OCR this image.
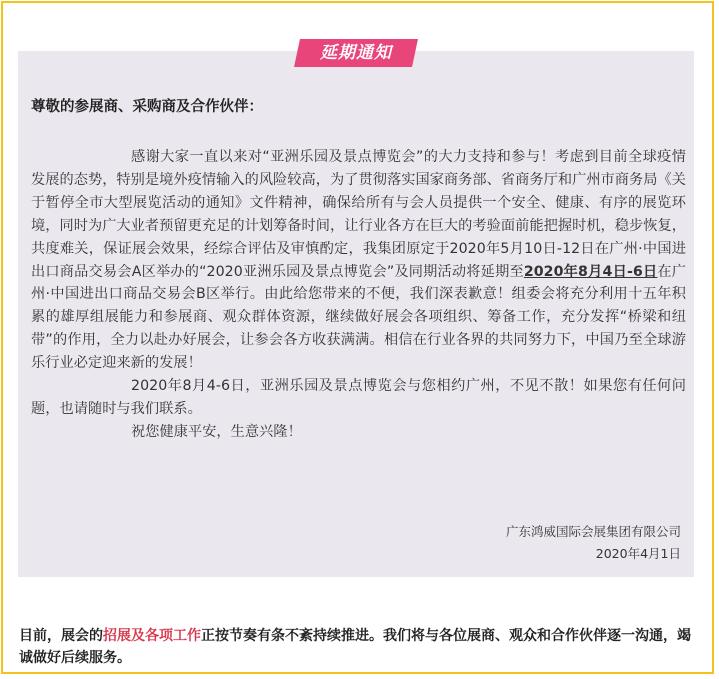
延期通知
尊敬的参展商、采购商及合作伙伴：

感谢大家一直以来对“亚洲乐园及景点博览会”的大力支持和参与！考虑到目前全球疫情发展的态势，特别是境外疫情输入的风险较高，为了贯彻落实国家商务部、省商务厅和广州市商务局《关于暂停全市大型展览活动的通知》文件精神，确保给所有与会人员提供一个安全、健康、有序的展览环境，同时为广大业者预留更充足的计划筹备时间，让行业各方在巨大的考验面前能把握时机，稳步恢复，共度难关，保证展会效果，经综合评估及审慎酌定，我集团原定于2020年5月10日-12日在广州·中国进出口商品交易会A区举办的“2020亚洲乐园及景点博览会”及同期活动将延期至2020年8月4日-6日在广州·中国进出口商品交易会B区举行。由此给您带来的不便，我们深表歉意！组委会将充分利用十五年积累的雄厚组展能力和参展商、观众群体资源，继续做好展会各项组织、筹备工作，充分发挥“桥梁和纽带”的作用，全力以赴办好展会，让参会各方收获满满。相信在行业各界的共同努力下，中国乃至全球游乐行业必定迎来新的发展！

2020年8月4-6日，亚洲乐园及景点博览会与您相约广州，不见不散！如果您有任何问题，也请随时与我们联系。

祝您健康平安，生意兴隆！

广东鸿威国际会展集团有限公司
2020年4月1日
目前，展会的招展及各项工作正按节奏有条不紊持续推进。我们将与各位展商、观众和合作伙伴逐一沟通，竭诚做好后续服务。
